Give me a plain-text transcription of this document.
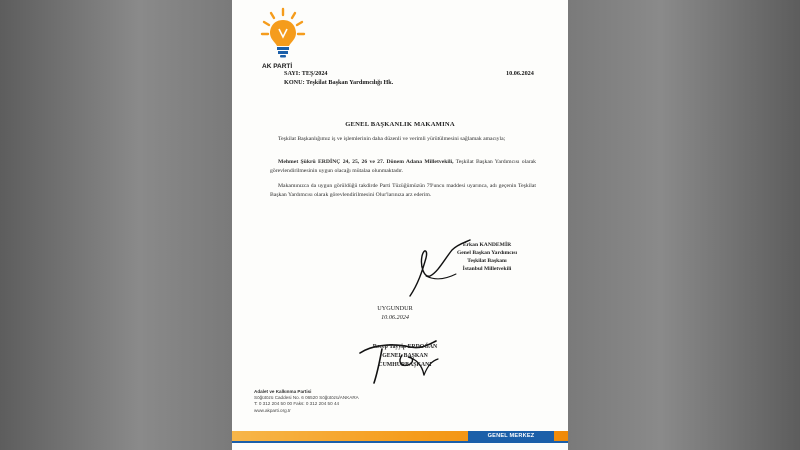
AK PARTİ
SAYI: TEŞ/2024	10.06.2024
KONU: Teşkilat Başkan Yardımcılığı Hk.
GENEL BAŞKANLIK MAKAMINA
Teşkilat Başkanlığımız iş ve işlemlerinin daha düzenli ve verimli yürütülmesini sağlamak amacıyla;
Mehmet Şükrü ERDİNÇ 24, 25, 26 ve 27. Dönem Adana Milletvekili, Teşkilat Başkan Yardımcısı olarak görevlendirilmesinin uygun olacağı mütalaa olunmaktadır.
Makamınızca da uygun görüldüğü takdirde Parti Tüzüğümüzün 79'uncu maddesi uyarınca, adı geçenin Teşkilat Başkan Yardımcısı olarak görevlendirilmesini Olur'larınıza arz ederim.
Erkan KANDEMİR
Genel Başkan Yardımcısı
Teşkilat Başkanı
İstanbul Milletvekili
UYGUNDUR
10.06.2024
Recep Tayyip ERDOĞAN
GENEL BAŞKAN
CUMHURBAŞKANI
Adalet ve Kalkınma Partisi
Söğütözü Caddesi No. 6 06520 Söğütözü/ANKARA
T: 0 312 204 50 00 Faks: 0 312 204 50 44
www.akparti.org.tr
GENEL MERKEZ
